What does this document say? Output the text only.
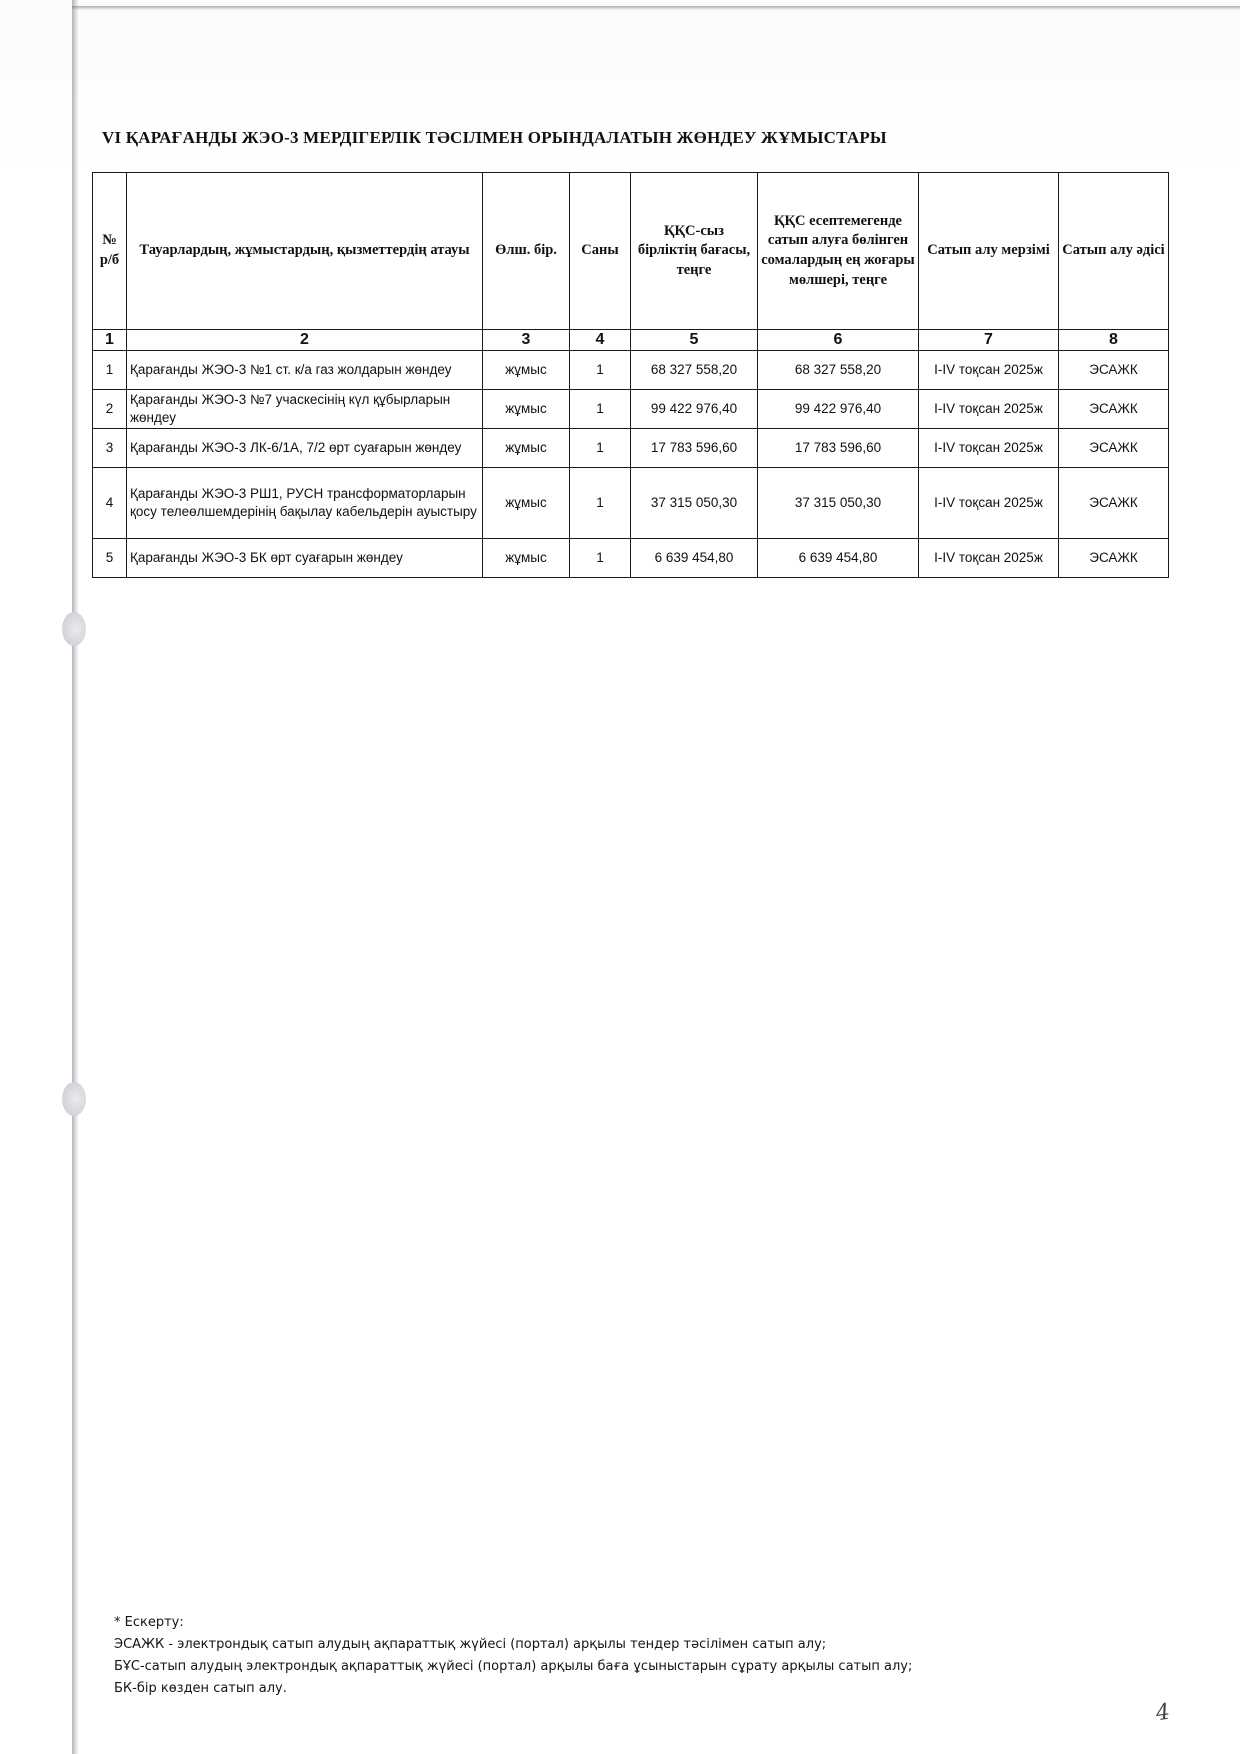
VI ҚАРАҒАНДЫ ЖЭО-3 МЕРДІГЕРЛІК ТӘСІЛМЕН ОРЫНДАЛАТЫН ЖӨНДЕУ ЖҰМЫСТАРЫ
№ р/б	Тауарлардың, жұмыстардың, қызметтердің атауы	Өлш. бір.	Саны	ҚҚС-сыз бірліктің бағасы, теңге	ҚҚС есептемегенде сатып алуға бөлінген сомалардың ең жоғары мөлшері, теңге	Сатып алу мерзімі	Сатып алу әдісі
1	2	3	4	5	6	7	8
1	Қарағанды ЖЭО-3 №1 ст. к/а газ жолдарын жөндеу	жұмыс	1	68 327 558,20	68 327 558,20	I-IV тоқсан 2025ж	ЭСАЖК
2	Қарағанды ЖЭО-3 №7 учаскесінің күл құбырларын жөндеу	жұмыс	1	99 422 976,40	99 422 976,40	I-IV тоқсан 2025ж	ЭСАЖК
3	Қарағанды ЖЭО-3 ЛК-6/1А, 7/2 өрт суағарын жөндеу	жұмыс	1	17 783 596,60	17 783 596,60	I-IV тоқсан 2025ж	ЭСАЖК
4	Қарағанды ЖЭО-3 РШ1, РУСН трансформаторларын қосу телеөлшемдерінің бақылау кабельдерін ауыстыру	жұмыс	1	37 315 050,30	37 315 050,30	I-IV тоқсан 2025ж	ЭСАЖК
5	Қарағанды ЖЭО-3 БК өрт суағарын жөндеу	жұмыс	1	6 639 454,80	6 639 454,80	I-IV тоқсан 2025ж	ЭСАЖК
* Ескерту:
ЭСАЖК - электрондық сатып алудың ақпараттық жүйесі (портал) арқылы тендер тәсілімен сатып алу;
БҰС-сатып алудың электрондық ақпараттық жүйесі (портал) арқылы баға ұсыныстарын сұрату арқылы сатып алу;
БК-бір көзден сатып алу.
4
